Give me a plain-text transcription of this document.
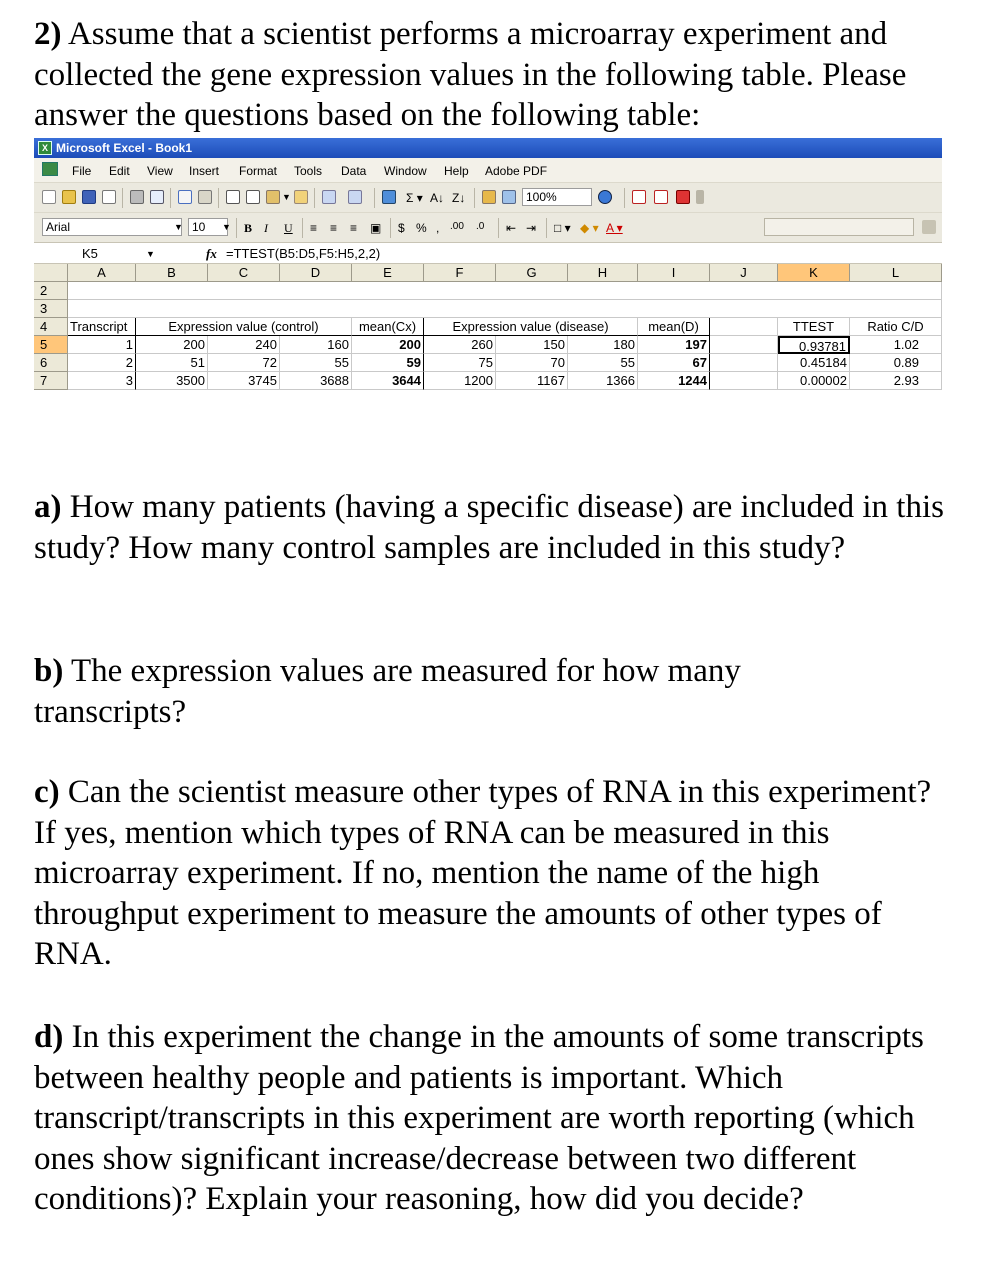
2) Assume that a scientist performs a microarray experiment and collected the gene expression values in the following table. Please answer the questions based on the following table:

X Microsoft Excel - Book1
File Edit View Insert Format Tools Data Window Help Adobe PDF
▼	Σ ▾ A↓ Z↓	100%
Arial	▼ 10	▼ B I U ≡ ≡ ≡ ▣ $ % , .00 .0 ⇤ ⇥ □ ▾ ◆ ▾ A ▾
K5	▼	fx =TTEST(B5:D5,F5:H5,2,2)
A	B	C	D	E	F	G	H	I	J	K	L
2
3
4
5
6
7
Transcript	Expression value (control)	mean(Cx)	Expression value (disease)	mean(D)	TTEST	Ratio C/D
1	200	240	160	200	260	150	180	197	0.93781	1.02
2	51	72	55	59	75	70	55	67	0.45184	0.89
3	3500	3745	3688	3644	1200	1167	1366	1244	0.00002	2.93

a) How many patients (having a specific disease) are included in this study? How many control samples are included in this study?

b) The expression values are measured for how many transcripts?

c) Can the scientist measure other types of RNA in this experiment? If yes, mention which types of RNA can be measured in this microarray experiment. If no, mention the name of the high throughput experiment to measure the amounts of other types of RNA.

d) In this experiment the change in the amounts of some transcripts between healthy people and patients is important. Which transcript/transcripts in this experiment are worth reporting (which ones show significant increase/decrease between two different conditions)? Explain your reasoning, how did you decide?
